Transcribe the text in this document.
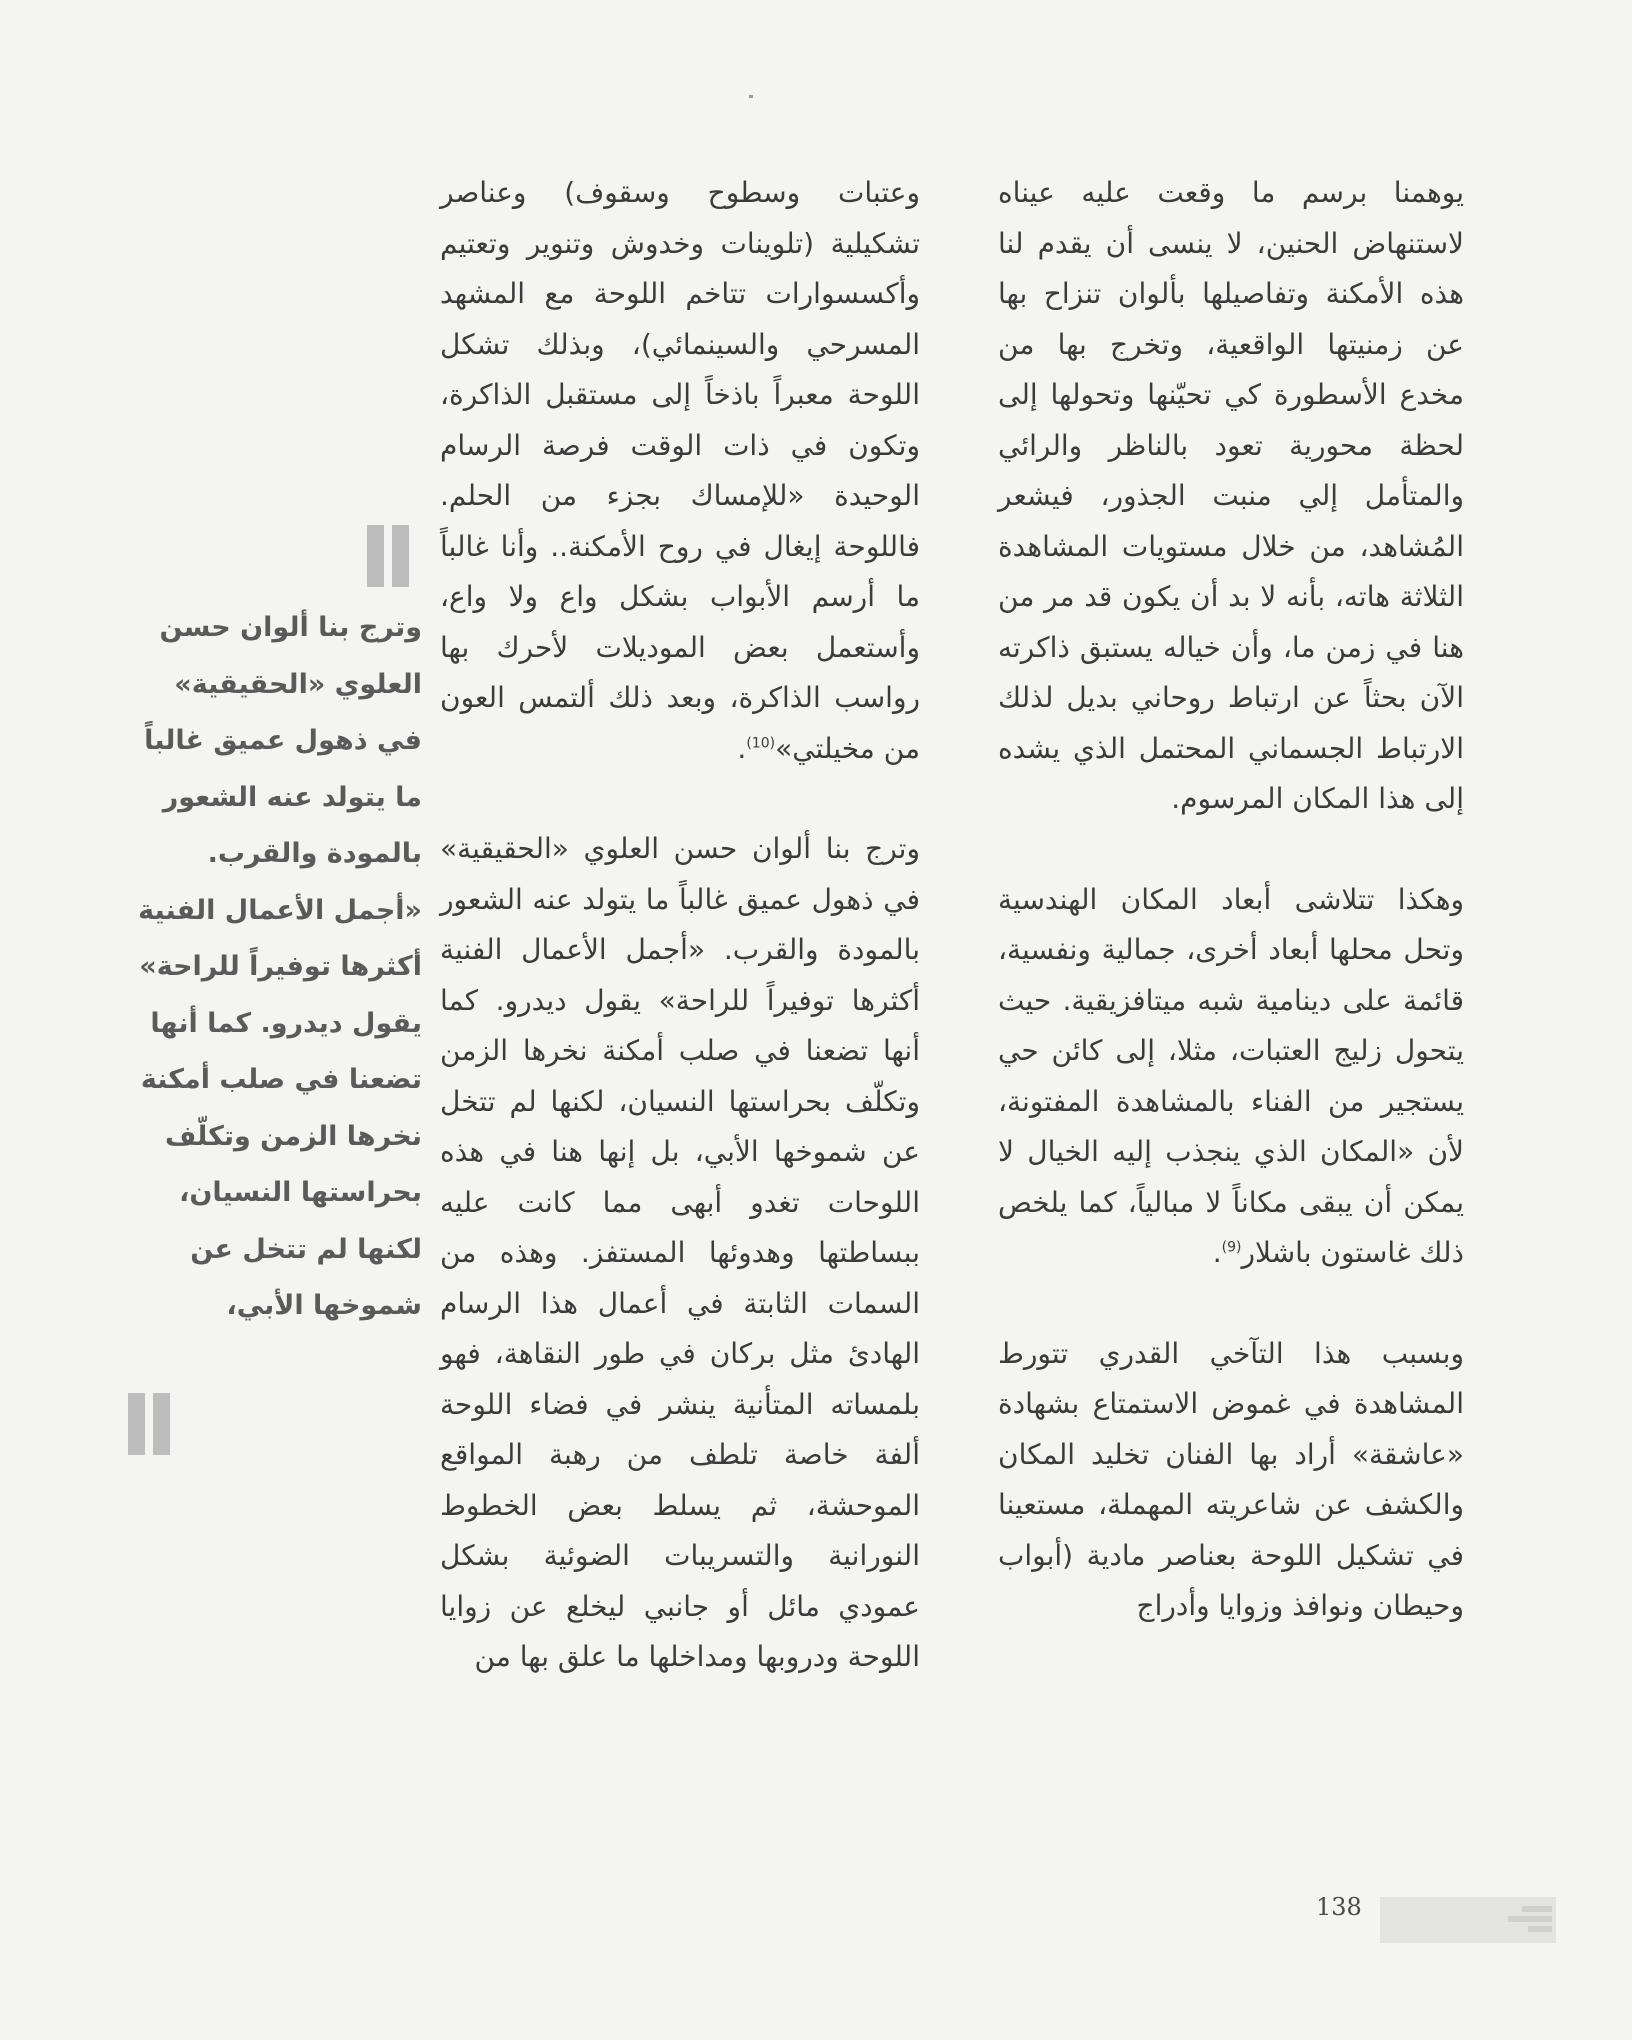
يوهمنا برسم ما وقعت عليه عيناه لاستنهاض الحنين، لا ينسى أن يقدم لنا هذه الأمكنة وتفاصيلها بألوان تنزاح بها عن زمنيتها الواقعية، وتخرج بها من مخدع الأسطورة كي تحيّنها وتحولها إلى لحظة محورية تعود بالناظر والرائي والمتأمل إلي منبت الجذور، فيشعر المُشاهد، من خلال مستويات المشاهدة الثلاثة هاته، بأنه لا بد أن يكون قد مر من هنا في زمن ما، وأن خياله يستبق ذاكرته الآن بحثاً عن ارتباط روحاني بديل لذلك الارتباط الجسماني المحتمل الذي يشده إلى هذا المكان المرسوم.

وهكذا تتلاشى أبعاد المكان الهندسية وتحل محلها أبعاد أخرى، جمالية ونفسية، قائمة على دينامية شبه ميتافزيقية. حيث يتحول زليج العتبات، مثلا، إلى كائن حي يستجير من الفناء بالمشاهدة المفتونة، لأن «المكان الذي ينجذب إليه الخيال لا يمكن أن يبقى مكاناً لا مبالياً، كما يلخص ذلك غاستون باشلار$^{(9)}$.

وبسبب هذا التآخي القدري تتورط المشاهدة في غموض الاستمتاع بشهادة «عاشقة» أراد بها الفنان تخليد المكان والكشف عن شاعريته المهملة، مستعينا في تشكيل اللوحة بعناصر مادية (أبواب وحيطان ونوافذ وزوايا وأدراج

وعتبات وسطوح وسقوف) وعناصر تشكيلية (تلوينات وخدوش وتنوير وتعتيم وأكسسوارات تتاخم اللوحة مع المشهد المسرحي والسينمائي)، وبذلك تشكل اللوحة معبراً باذخاً إلى مستقبل الذاكرة، وتكون في ذات الوقت فرصة الرسام الوحيدة «للإمساك بجزء من الحلم. فاللوحة إيغال في روح الأمكنة.. وأنا غالباً ما أرسم الأبواب بشكل واع ولا واع، وأستعمل بعض الموديلات لأحرك بها رواسب الذاكرة، وبعد ذلك ألتمس العون من مخيلتي»$^{(10)}$.

وترج بنا ألوان حسن العلوي «الحقيقية» في ذهول عميق غالباً ما يتولد عنه الشعور بالمودة والقرب. «أجمل الأعمال الفنية أكثرها توفيراً للراحة» يقول ديدرو. كما أنها تضعنا في صلب أمكنة نخرها الزمن وتكلّف بحراستها النسيان، لكنها لم تتخل عن شموخها الأبي، بل إنها هنا في هذه اللوحات تغدو أبهى مما كانت عليه ببساطتها وهدوئها المستفز. وهذه من السمات الثابتة في أعمال هذا الرسام الهادئ مثل بركان في طور النقاهة، فهو بلمساته المتأنية ينشر في فضاء اللوحة ألفة خاصة تلطف من رهبة المواقع الموحشة، ثم يسلط بعض الخطوط النورانية والتسريبات الضوئية بشكل عمودي مائل أو جانبي ليخلع عن زوايا اللوحة ودروبها ومداخلها ما علق بها من

وترج بنا ألوان حسن العلوي «الحقيقية» في ذهول عميق غالباً ما يتولد عنه الشعور بالمودة والقرب. «أجمل الأعمال الفنية أكثرها توفيراً للراحة» يقول ديدرو. كما أنها تضعنا في صلب أمكنة نخرها الزمن وتكلّف بحراستها النسيان، لكنها لم تتخل عن شموخها الأبي،
138
